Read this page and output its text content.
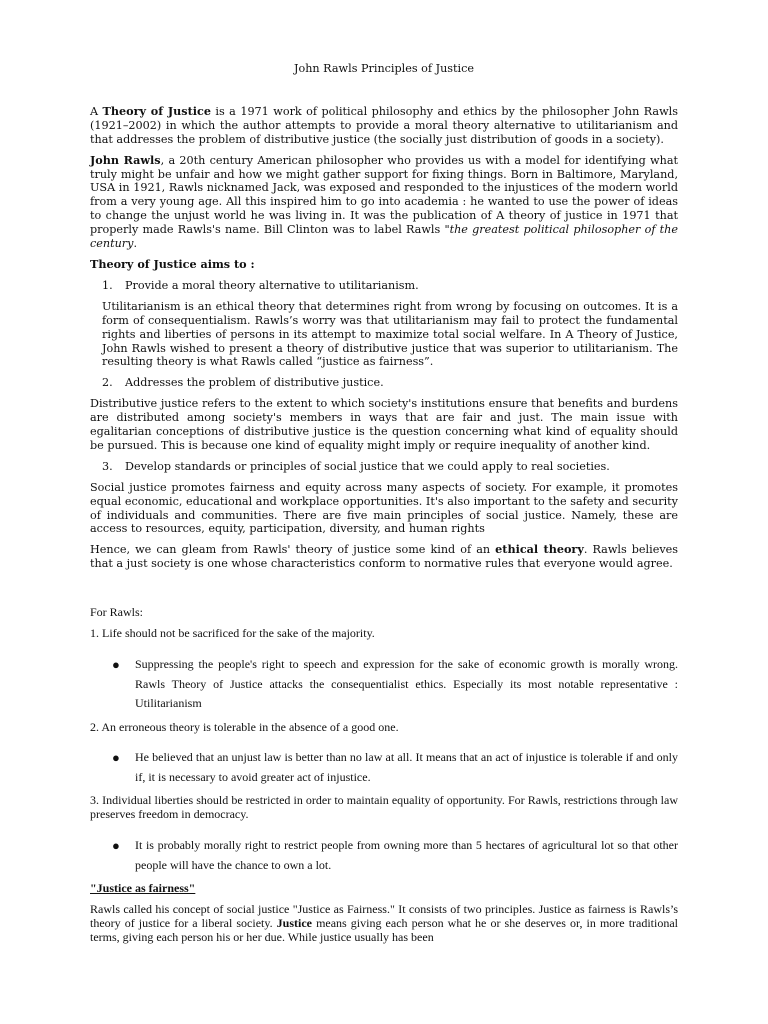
John Rawls Principles of Justice

A Theory of Justice is a 1971 work of political philosophy and ethics by the philosopher John Rawls (1921–2002) in which the author attempts to provide a moral theory alternative to utilitarianism and that addresses the problem of distributive justice (the socially just distribution of goods in a society).

John Rawls, a 20th century American philosopher who provides us with a model for identifying what truly might be unfair and how we might gather support for fixing things. Born in Baltimore, Maryland, USA in 1921, Rawls nicknamed Jack, was exposed and responded to the injustices of the modern world from a very young age. All this inspired him to go into academia : he wanted to use the power of ideas to change the unjust world he was living in. It was the publication of A theory of justice in 1971 that properly made Rawls's name. Bill Clinton was to label Rawls "the greatest political philosopher of the century.

Theory of Justice aims to :

1.	Provide a moral theory alternative to utilitarianism.

Utilitarianism is an ethical theory that determines right from wrong by focusing on outcomes. It is a form of consequentialism. Rawls’s worry was that utilitarianism may fail to protect the fundamental rights and liberties of persons in its attempt to maximize total social welfare. In A Theory of Justice, John Rawls wished to present a theory of distributive justice that was superior to utilitarianism. The resulting theory is what Rawls called “justice as fairness”.

2.	Addresses the problem of distributive justice.

Distributive justice refers to the extent to which society's institutions ensure that benefits and burdens are distributed among society's members in ways that are fair and just. The main issue with egalitarian conceptions of distributive justice is the question concerning what kind of equality should be pursued. This is because one kind of equality might imply or require inequality of another kind.

3.	Develop standards or principles of social justice that we could apply to real societies.

Social justice promotes fairness and equity across many aspects of society. For example, it promotes equal economic, educational and workplace opportunities. It's also important to the safety and security of individuals and communities. There are five main principles of social justice. Namely, these are access to resources, equity, participation, diversity, and human rights

Hence, we can gleam from Rawls' theory of justice some kind of an ethical theory. Rawls believes that a just society is one whose characteristics conform to normative rules that everyone would agree.

For Rawls:

1. Life should not be sacrificed for the sake of the majority.

●	Suppressing the people's right to speech and expression for the sake of economic growth is morally wrong. Rawls Theory of Justice attacks the consequentialist ethics. Especially its most notable representative : Utilitarianism

2. An erroneous theory is tolerable in the absence of a good one.

●	He believed that an unjust law is better than no law at all. It means that an act of injustice is tolerable if and only if, it is necessary to avoid greater act of injustice.

3. Individual liberties should be restricted in order to maintain equality of opportunity. For Rawls, restrictions through law preserves freedom in democracy.

●	It is probably morally right to restrict people from owning more than 5 hectares of agricultural lot so that other people will have the chance to own a lot.

"Justice as fairness"

Rawls called his concept of social justice "Justice as Fairness." It consists of two principles. Justice as fairness is Rawls’s theory of justice for a liberal society. Justice means giving each person what he or she deserves or, in more traditional terms, giving each person his or her due. While justice usually has been
